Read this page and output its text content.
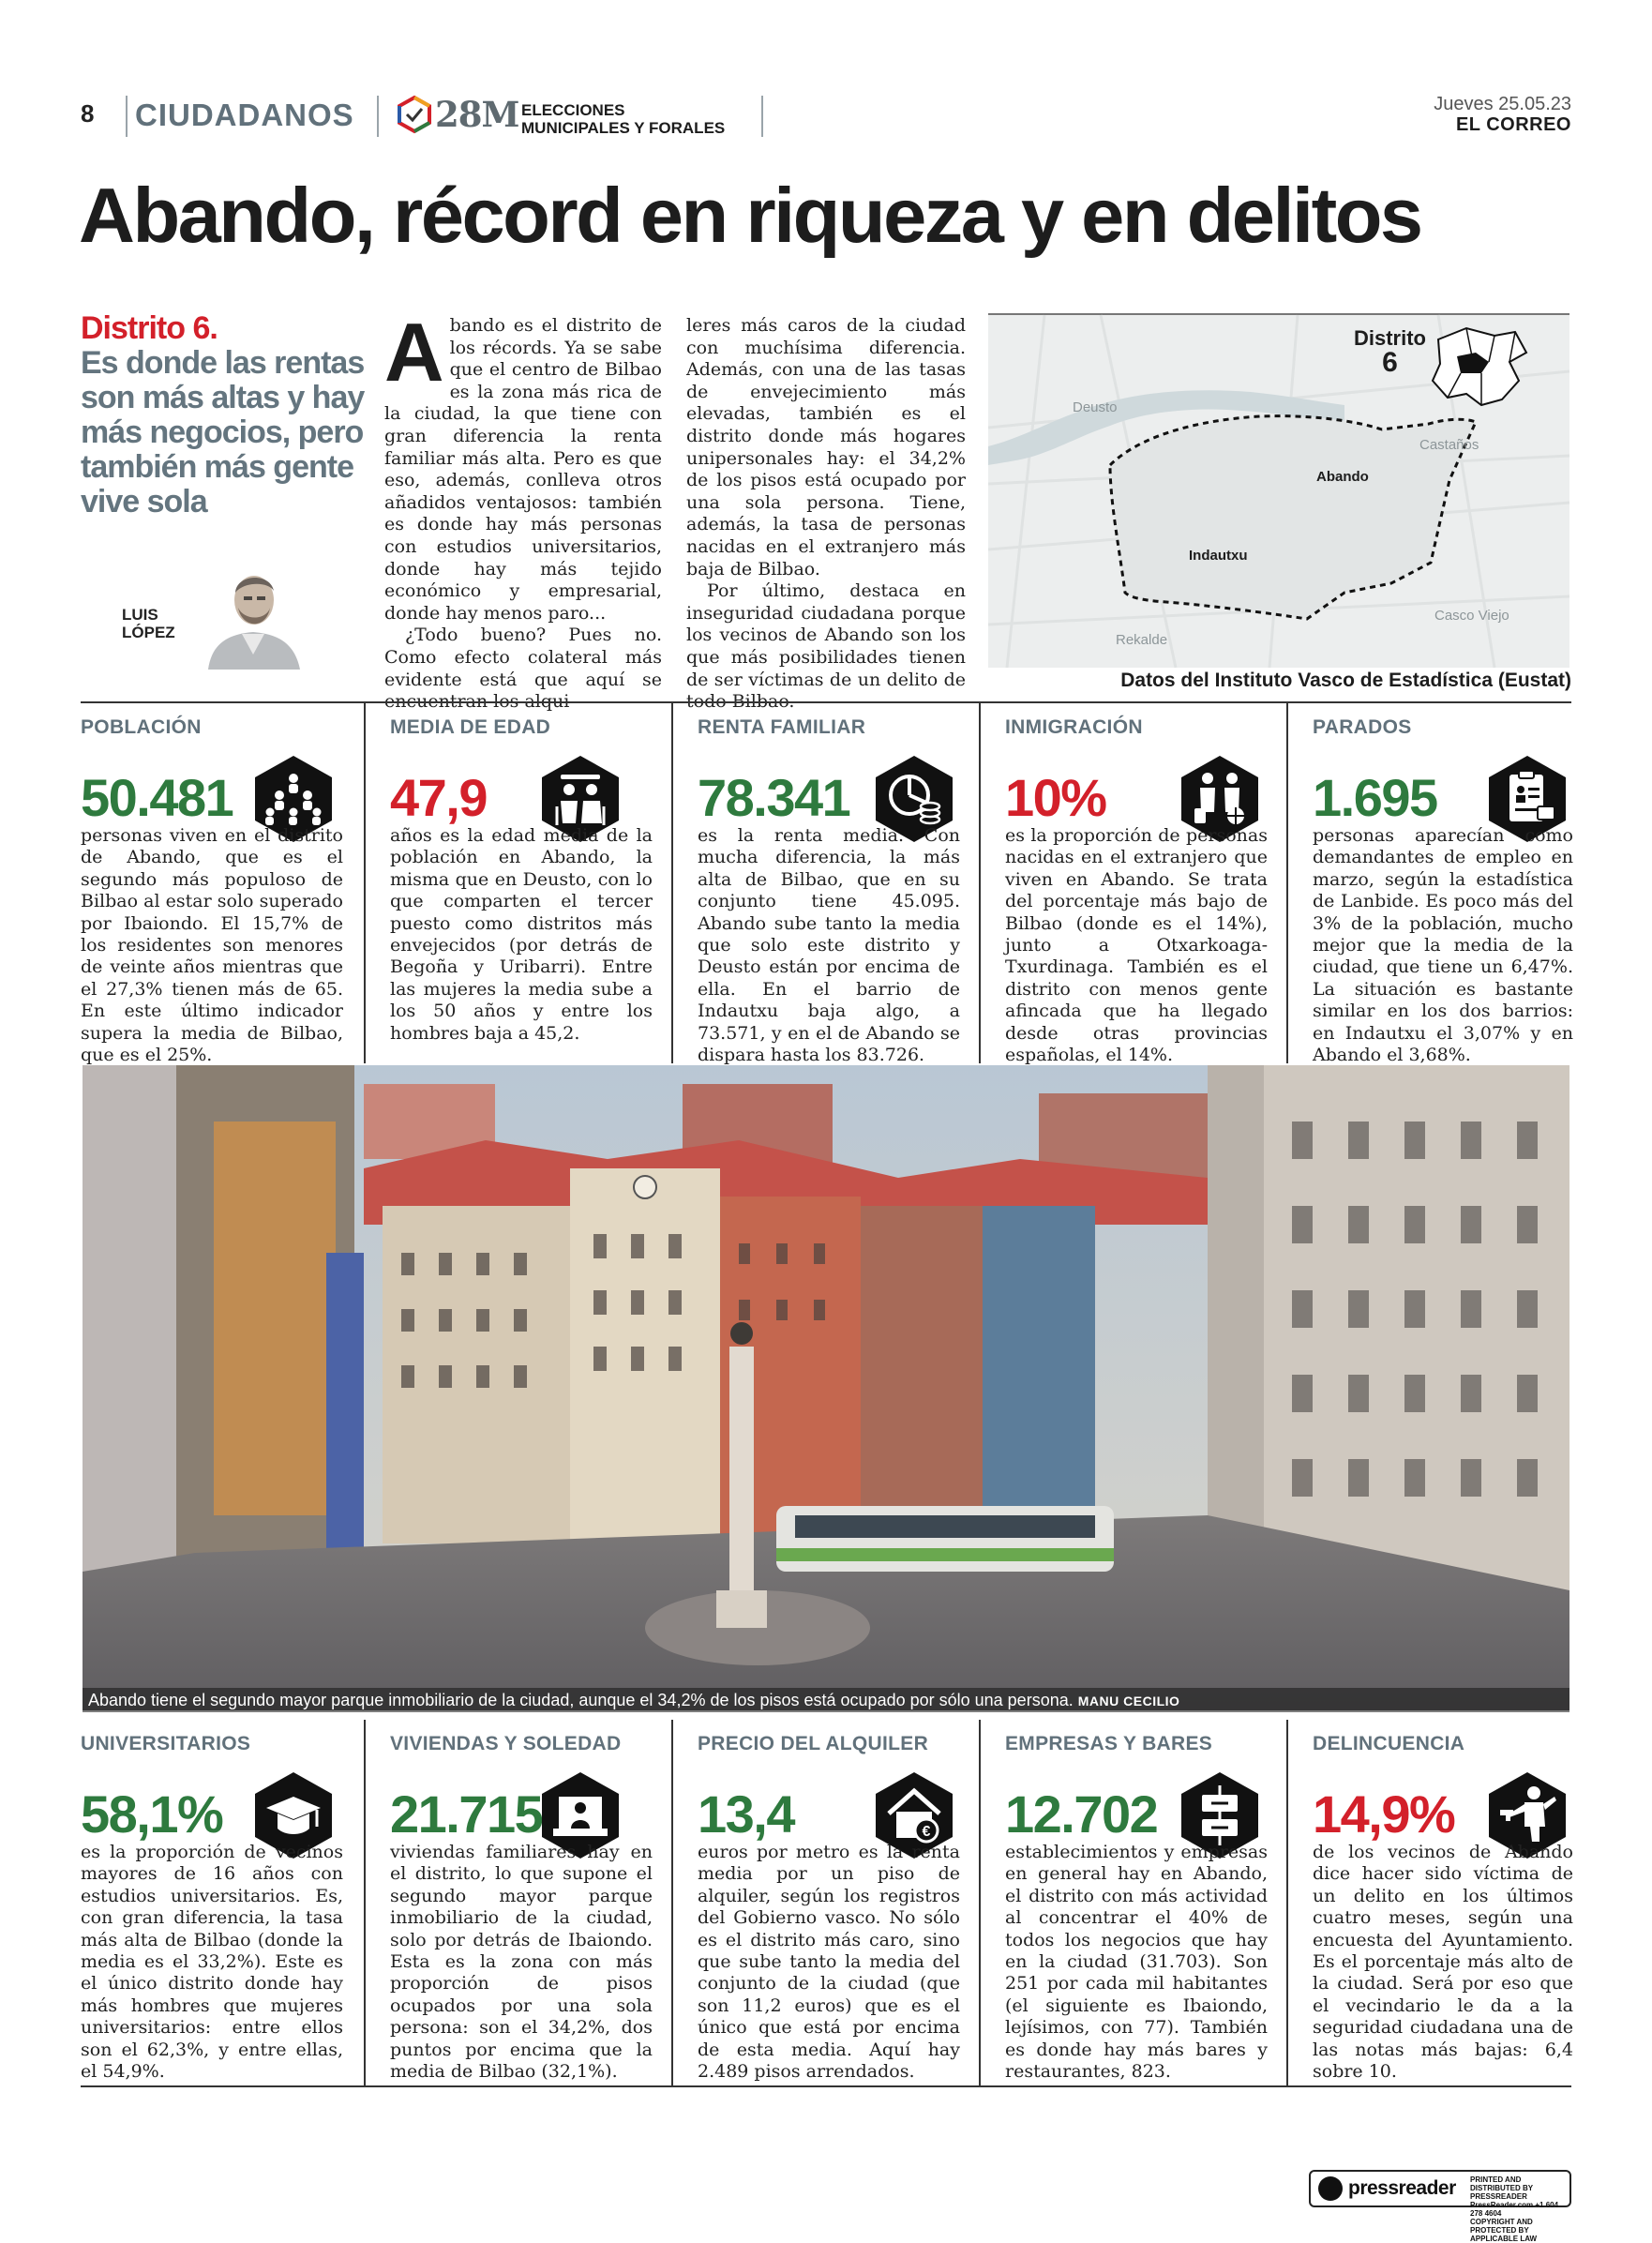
8 CIUDADANOS 28M ELECCIONES
MUNICIPALES Y FORALES
Jueves 25.05.23
EL CORREO
Abando, récord en riqueza y en delitos
Distrito 6.
Es donde las rentas son más altas y hay más negocios, pero también más gente vive sola
LUIS
LÓPEZ

Abando es el distrito de los récords. Ya se sabe que el centro de Bilbao es la zona más rica de la ciudad, la que tiene con gran diferencia la renta familiar más alta. Pero es que eso, además, conlleva otros añadidos ventajosos: también es donde hay más personas con estudios universitarios, donde hay más tejido económico y empresarial, donde hay menos paro...

¿Todo bueno? Pues no. Como efecto colateral más evidente está que aquí se encuentran los alqui-

leres más caros de la ciudad con muchísima diferencia. Además, con una de las tasas de envejecimiento más elevadas, también es el distrito donde más hogares unipersonales hay: el 34,2% de los pisos está ocupado por una sola persona. Tiene, además, la tasa de personas nacidas en el extranjero más baja de Bilbao.

Por último, destaca en inseguridad ciudadana porque los vecinos de Abando son los que más posibilidades tienen de ser víctimas de un delito de todo Bilbao.

Distrito
6
Deusto
Castaños
Abando
Indautxu
Casco Viejo
Rekalde
Datos del Instituto Vasco de Estadística (Eustat)
POBLACIÓN
50.481
personas viven en el distrito de Abando, que es el segundo más populoso de Bilbao al estar solo superado por Ibaiondo. El 15,7% de los residentes son menores de veinte años mientras que el 27,3% tienen más de 65. En este último indicador supera la media de Bilbao, que es el 25%.
MEDIA DE EDAD
47,9
años es la edad media de la población en Abando, la misma que en Deusto, con lo que comparten el tercer puesto como distritos más envejecidos (por detrás de Begoña y Uribarri). Entre las mujeres la media sube a los 50 años y entre los hombres baja a 45,2.
RENTA FAMILIAR
78.341
es la renta media. Con mucha diferencia, la más alta de Bilbao, que en su conjunto tiene 45.095. Abando sube tanto la media que solo este distrito y Deusto están por encima de ella. En el barrio de Indautxu baja algo, a 73.571, y en el de Abando se dispara hasta los 83.726.
INMIGRACIÓN
10%
es la proporción de personas nacidas en el extranjero que viven en Abando. Se trata del porcentaje más bajo de Bilbao (donde es el 14%), junto a Otxarkoaga-Txurdinaga. También es el distrito con menos gente afincada que ha llegado desde otras provincias españolas, el 14%.
PARADOS
1.695
personas aparecían como demandantes de empleo en marzo, según la estadística de Lanbide. Es poco más del 3% de la población, mucho mejor que la media de la ciudad, que tiene un 6,47%. La situación es bastante similar en los dos barrios: en Indautxu el 3,07% y en Abando el 3,68%.
Abando tiene el segundo mayor parque inmobiliario de la ciudad, aunque el 34,2% de los pisos está ocupado por sólo una persona. MANU CECILIO
UNIVERSITARIOS
58,1%
es la proporción de vecinos mayores de 16 años con estudios universitarios. Es, con gran diferencia, la tasa más alta de Bilbao (donde la media es el 33,2%). Este es el único distrito donde hay más hombres que mujeres universitarios: entre ellos son el 62,3%, y entre ellas, el 54,9%.
VIVIENDAS Y SOLEDAD
21.715
viviendas familiares hay en el distrito, lo que supone el segundo mayor parque inmobiliario de la ciudad, solo por detrás de Ibaiondo. Esta es la zona con más proporción de pisos ocupados por una sola persona: son el 34,2%, dos puntos por encima que la media de Bilbao (32,1%).
PRECIO DEL ALQUILER
13,4	€
euros por metro es la renta media por un piso de alquiler, según los registros del Gobierno vasco. No sólo es el distrito más caro, sino que sube tanto la media del conjunto de la ciudad (que son 11,2 euros) que es el único que está por encima de esta media. Aquí hay 2.489 pisos arrendados.
EMPRESAS Y BARES
12.702
establecimientos y empresas en general hay en Abando, el distrito con más actividad al concentrar el 40% de todos los negocios que hay en la ciudad (31.703). Son 251 por cada mil habitantes (el siguiente es Ibaiondo, lejísimos, con 77). También es donde hay más bares y restaurantes, 823.
DELINCUENCIA
14,9%
de los vecinos de Abando dice hacer sido víctima de un delito en los últimos cuatro meses, según una encuesta del Ayuntamiento. Es el porcentaje más alto de la ciudad. Será por eso que el vecindario le da a la seguridad ciudadana una de las notas más bajas: 6,4 sobre 10.
pressreader PRINTED AND DISTRIBUTED BY PRESSREADER
PressReader.com +1 604 278 4604
COPYRIGHT AND PROTECTED BY APPLICABLE LAW
